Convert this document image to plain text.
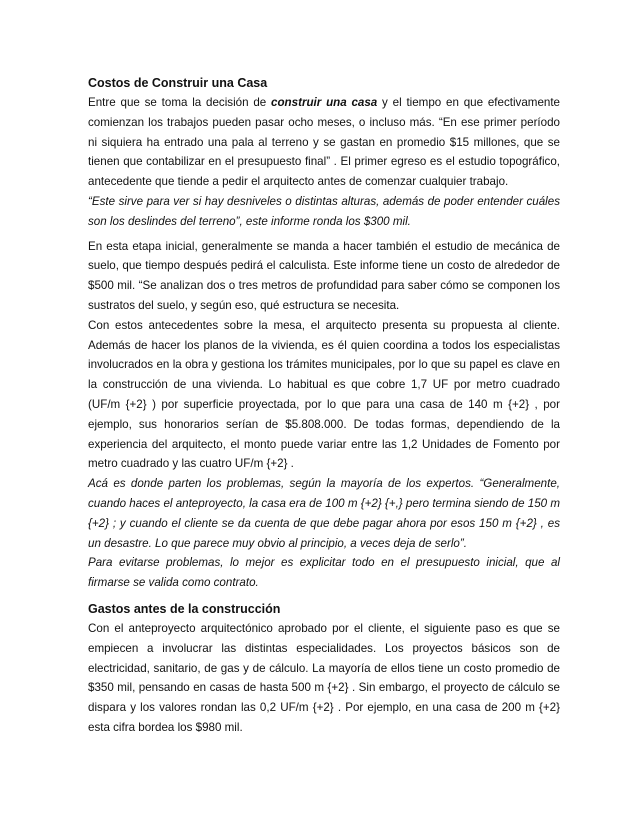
Costos de Construir una Casa

Entre que se toma la decisión de construir una casa y el tiempo en que efectivamente comienzan los trabajos pueden pasar ocho meses, o incluso más. “En ese primer período ni siquiera ha entrado una pala al terreno y se gastan en promedio $15 millones, que se tienen que contabilizar en el presupuesto final” . El primer egreso es el estudio topográfico, antecedente que tiende a pedir el arquitecto antes de comenzar cualquier trabajo.

“Este sirve para ver si hay desniveles o distintas alturas, además de poder entender cuáles son los deslindes del terreno”, este informe ronda los $300 mil.

En esta etapa inicial, generalmente se manda a hacer también el estudio de mecánica de suelo, que tiempo después pedirá el calculista. Este informe tiene un costo de alrededor de $500 mil. “Se analizan dos o tres metros de profundidad para saber cómo se componen los sustratos del suelo, y según eso, qué estructura se necesita.

Con estos antecedentes sobre la mesa, el arquitecto presenta su propuesta al cliente. Además de hacer los planos de la vivienda, es él quien coordina a todos los especialistas involucrados en la obra y gestiona los trámites municipales, por lo que su papel es clave en la construcción de una vivienda. Lo habitual es que cobre 1,7 UF por metro cuadrado (UF/m {+2} ) por superficie proyectada, por lo que para una casa de 140 m {+2} , por ejemplo, sus honorarios serían de $5.808.000. De todas formas, dependiendo de la experiencia del arquitecto, el monto puede variar entre las 1,2 Unidades de Fomento por metro cuadrado y las cuatro UF/m {+2} .

Acá es donde parten los problemas, según la mayoría de los expertos. “Generalmente, cuando haces el anteproyecto, la casa era de 100 m {+2} {+,} pero termina siendo de 150 m {+2} ; y cuando el cliente se da cuenta de que debe pagar ahora por esos 150 m {+2} , es un desastre. Lo que parece muy obvio al principio, a veces deja de serlo”.

Para evitarse problemas, lo mejor es explicitar todo en el presupuesto inicial, que al firmarse se valida como contrato.

Gastos antes de la construcción

Con el anteproyecto arquitectónico aprobado por el cliente, el siguiente paso es que se empiecen a involucrar las distintas especialidades. Los proyectos básicos son de electricidad, sanitario, de gas y de cálculo. La mayoría de ellos tiene un costo promedio de $350 mil, pensando en casas de hasta 500 m {+2} . Sin embargo, el proyecto de cálculo se dispara y los valores rondan las 0,2 UF/m {+2} . Por ejemplo, en una casa de 200 m {+2} esta cifra bordea los $980 mil.
